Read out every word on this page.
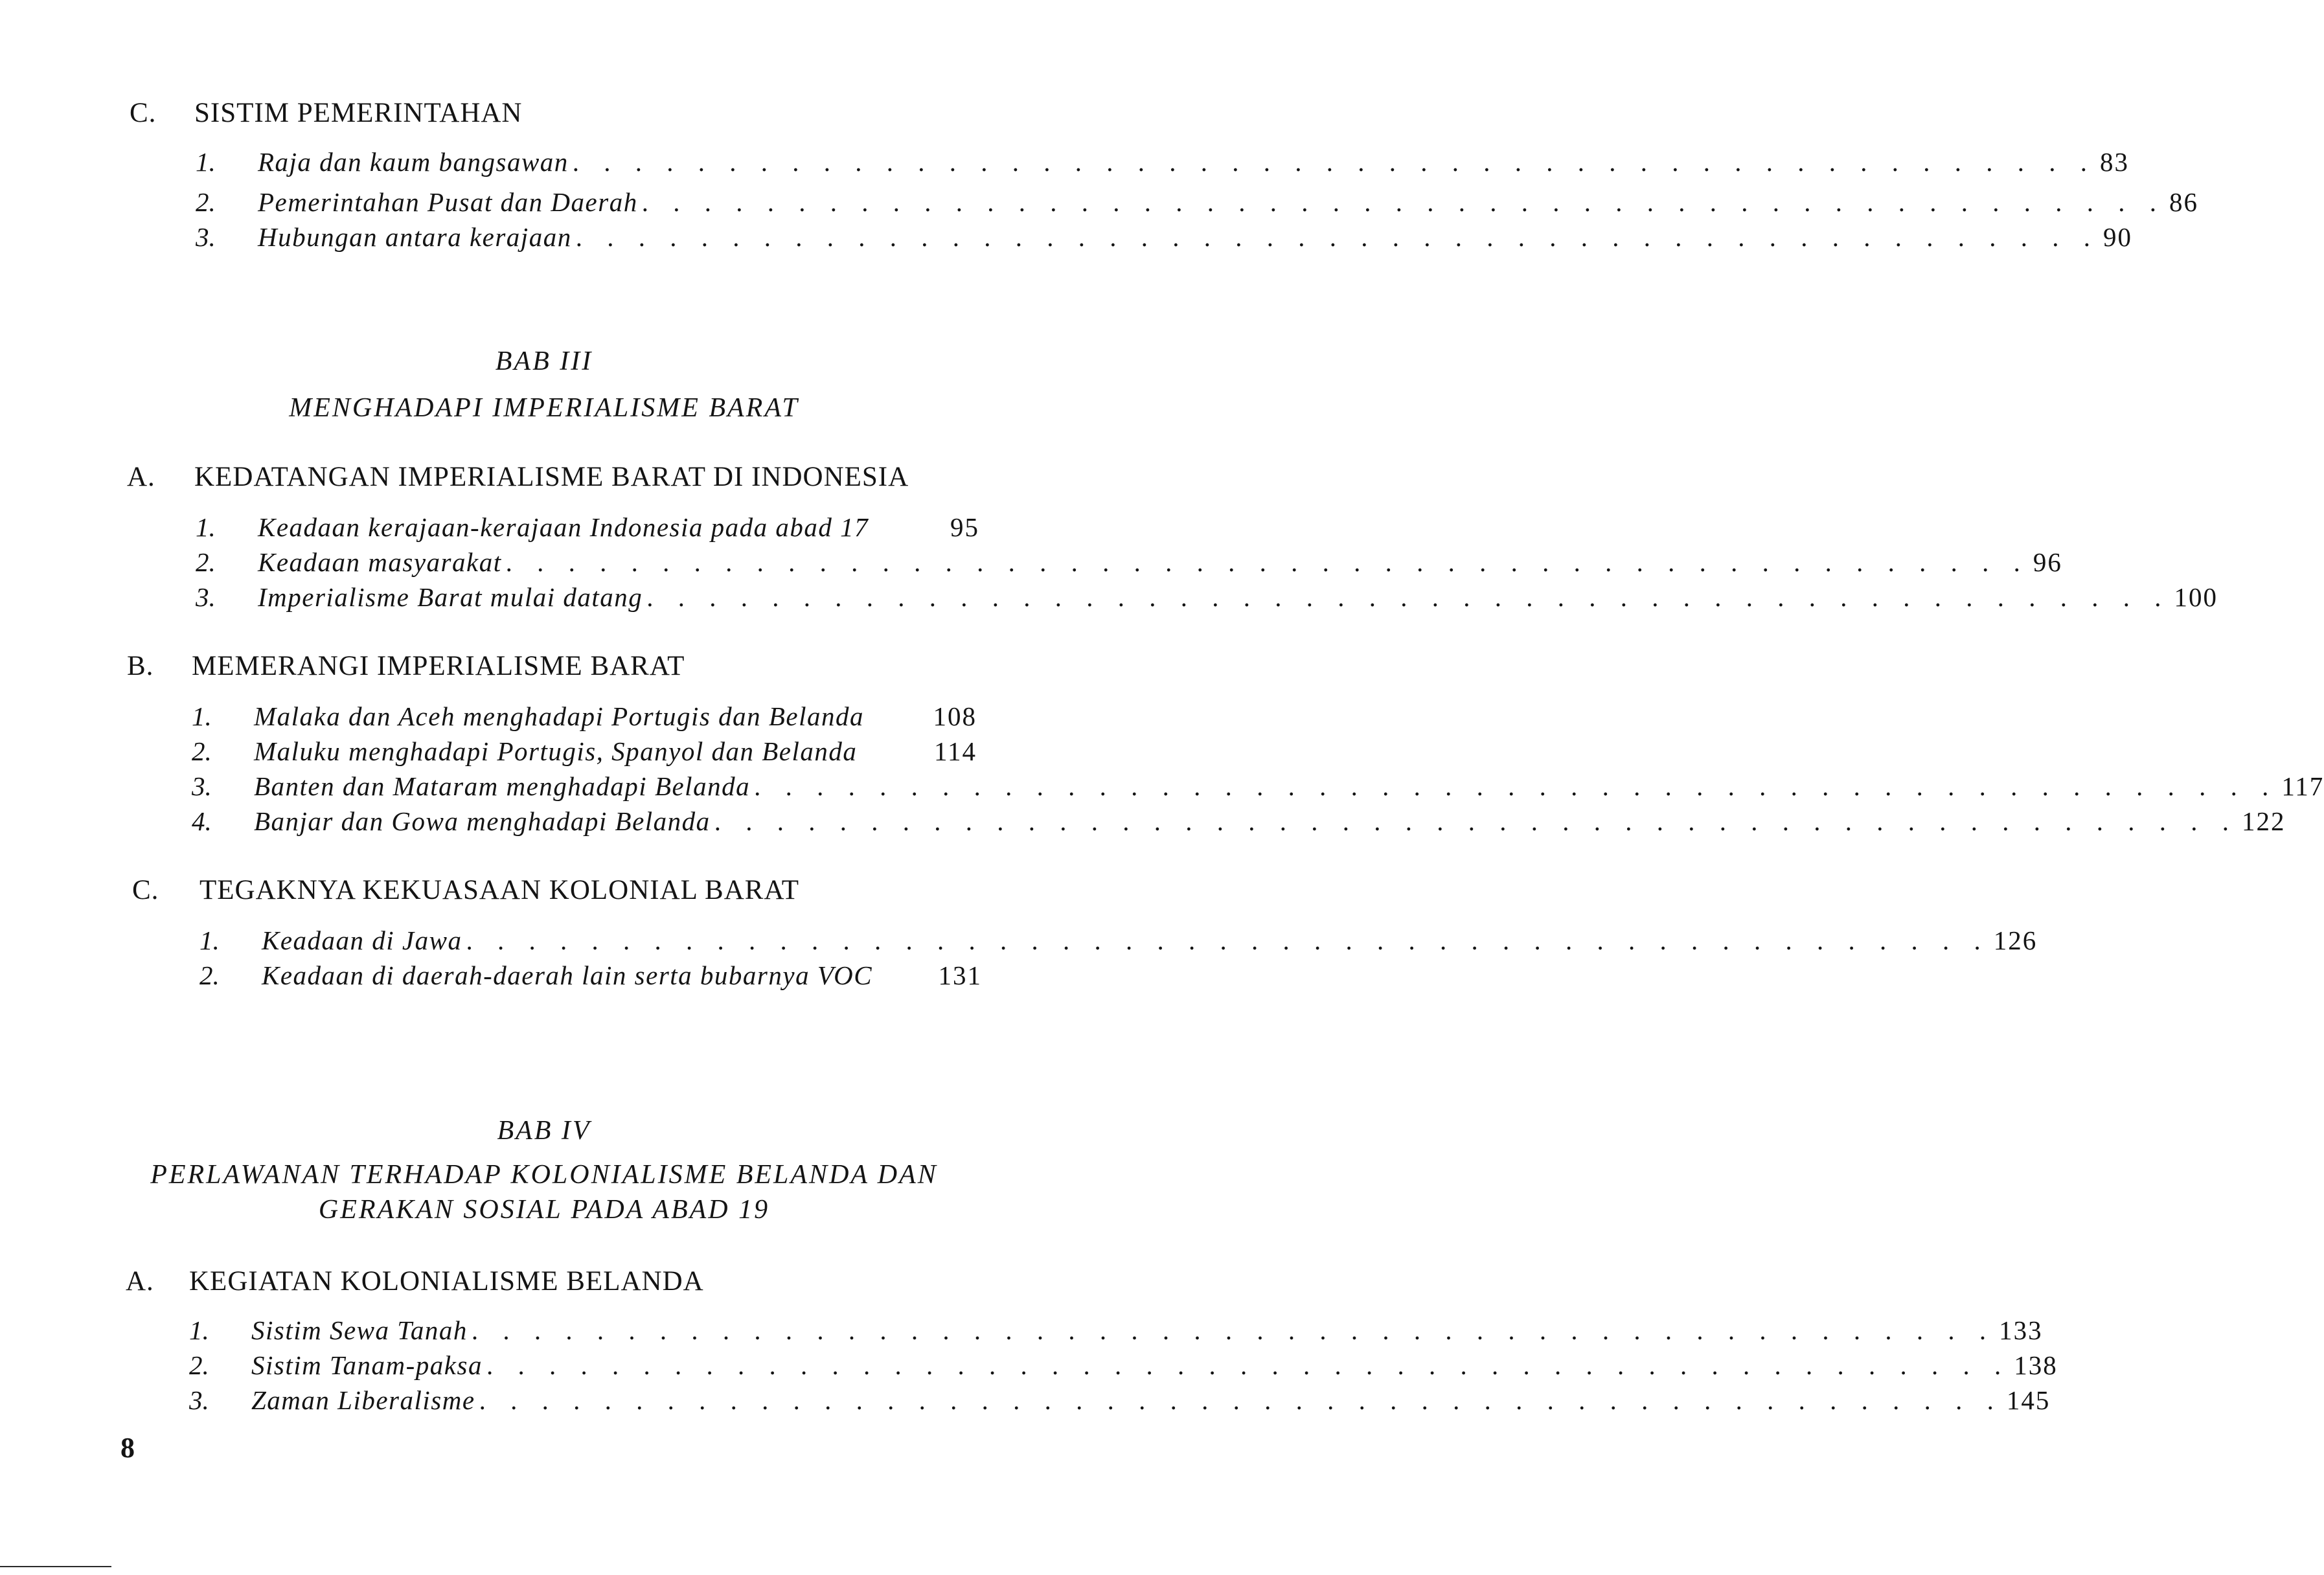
C. SISTIM PEMERINTAHAN
1.	Raja dan kaum bangsawan . . . . . . . . . . . . . . . . . . . . . . . . . . . . . . . . . . . . . . . . . . . . . . . . . 83
2.	Pemerintahan Pusat dan Daerah . . . . . . . . . . . . . . . . . . . . . . . . . . . . . . . . . . . . . . . . . . . . . . . . . 86
3.	Hubungan antara kerajaan . . . . . . . . . . . . . . . . . . . . . . . . . . . . . . . . . . . . . . . . . . . . . . . . . 90
BAB III
MENGHADAPI IMPERIALISME BARAT
A. KEDATANGAN IMPERIALISME BARAT DI INDONESIA
1.	Keadaan kerajaan-kerajaan Indonesia pada abad 17	95
2.	Keadaan masyarakat . . . . . . . . . . . . . . . . . . . . . . . . . . . . . . . . . . . . . . . . . . . . . . . . . 96
3.	Imperialisme Barat mulai datang . . . . . . . . . . . . . . . . . . . . . . . . . . . . . . . . . . . . . . . . . . . . . . . . . 100
B. MEMERANGI IMPERIALISME BARAT
1.	Malaka dan Aceh menghadapi Portugis dan Belanda	108
2.	Maluku menghadapi Portugis, Spanyol dan Belanda	114
3.	Banten dan Mataram menghadapi Belanda . . . . . . . . . . . . . . . . . . . . . . . . . . . . . . . . . . . . . . . . . . . . . . . . . 117
4.	Banjar dan Gowa menghadapi Belanda . . . . . . . . . . . . . . . . . . . . . . . . . . . . . . . . . . . . . . . . . . . . . . . . . 122
C. TEGAKNYA KEKUASAAN KOLONIAL BARAT
1.	Keadaan di Jawa . . . . . . . . . . . . . . . . . . . . . . . . . . . . . . . . . . . . . . . . . . . . . . . . . 126
2.	Keadaan di daerah-daerah lain serta bubarnya VOC 131
BAB IV
PERLAWANAN TERHADAP KOLONIALISME BELANDA DAN
GERAKAN SOSIAL PADA ABAD 19
A. KEGIATAN KOLONIALISME BELANDA
1.	Sistim Sewa Tanah . . . . . . . . . . . . . . . . . . . . . . . . . . . . . . . . . . . . . . . . . . . . . . . . . 133
2.	Sistim Tanam-paksa . . . . . . . . . . . . . . . . . . . . . . . . . . . . . . . . . . . . . . . . . . . . . . . . . 138
3.	Zaman Liberalisme . . . . . . . . . . . . . . . . . . . . . . . . . . . . . . . . . . . . . . . . . . . . . . . . . 145
8
